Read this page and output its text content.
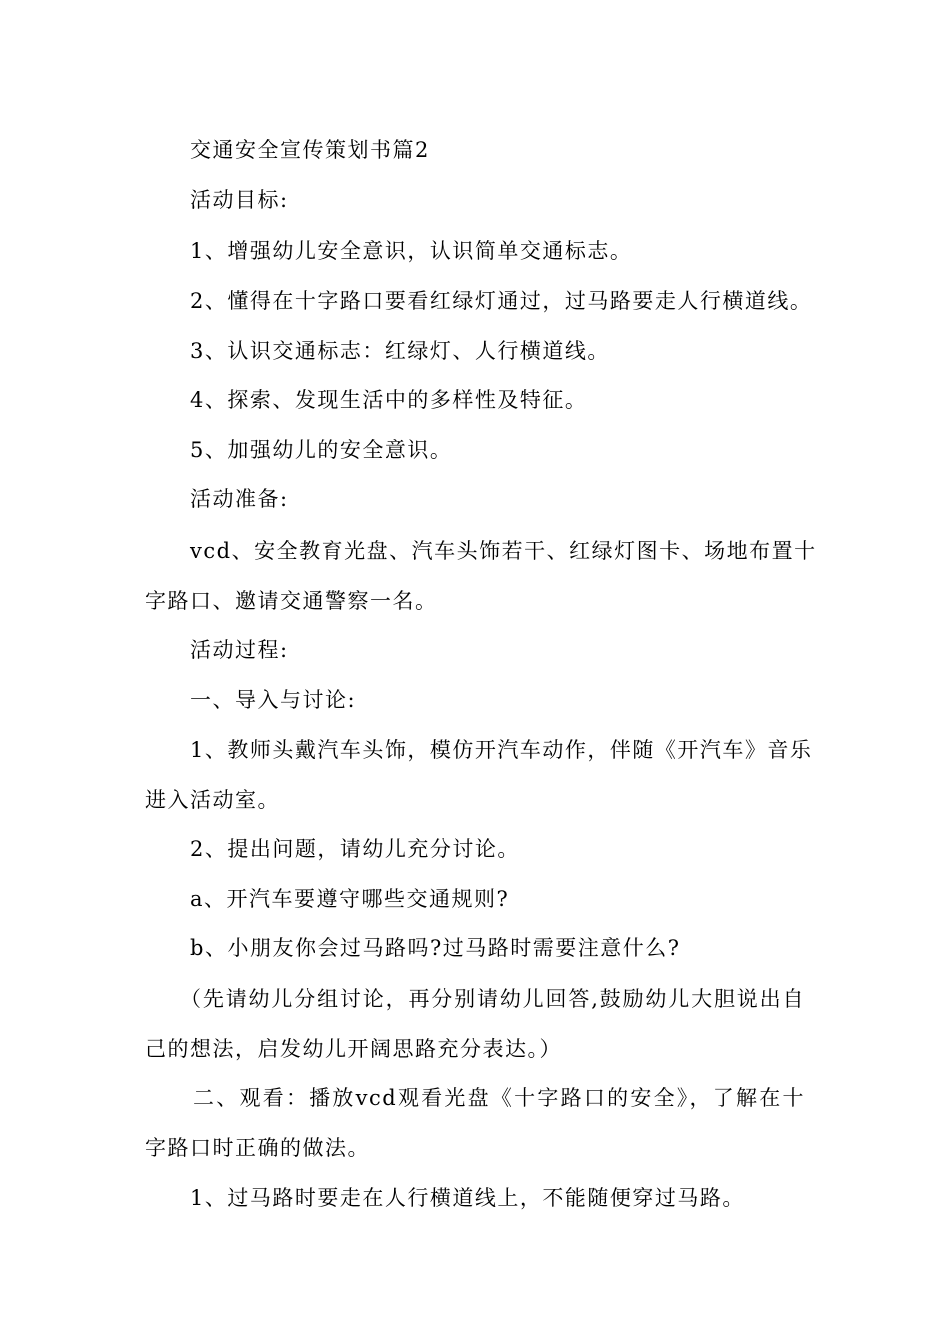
交通安全宣传策划书篇2
活动目标:
1、增强幼儿安全意识，认识简单交通标志。
2、懂得在十字路口要看红绿灯通过，过马路要走人行横道线。
3、认识交通标志：红绿灯、人行横道线。
4、探索、发现生活中的多样性及特征。
5、加强幼儿的安全意识。
活动准备:
vcd、安全教育光盘、汽车头饰若干、红绿灯图卡、场地布置十
字路口、邀请交通警察一名。
活动过程:
一、导入与讨论:
1、教师头戴汽车头饰，模仿开汽车动作，伴随《开汽车》音乐
进入活动室。
2、提出问题，请幼儿充分讨论。
a、开汽车要遵守哪些交通规则?
b、小朋友你会过马路吗?过马路时需要注意什么?
（先请幼儿分组讨论，再分别请幼儿回答,鼓励幼儿大胆说出自
己的想法，启发幼儿开阔思路充分表达。）
二、观看：播放vcd观看光盘《十字路口的安全》，了解在十
字路口时正确的做法。
1、过马路时要走在人行横道线上，不能随便穿过马路。
